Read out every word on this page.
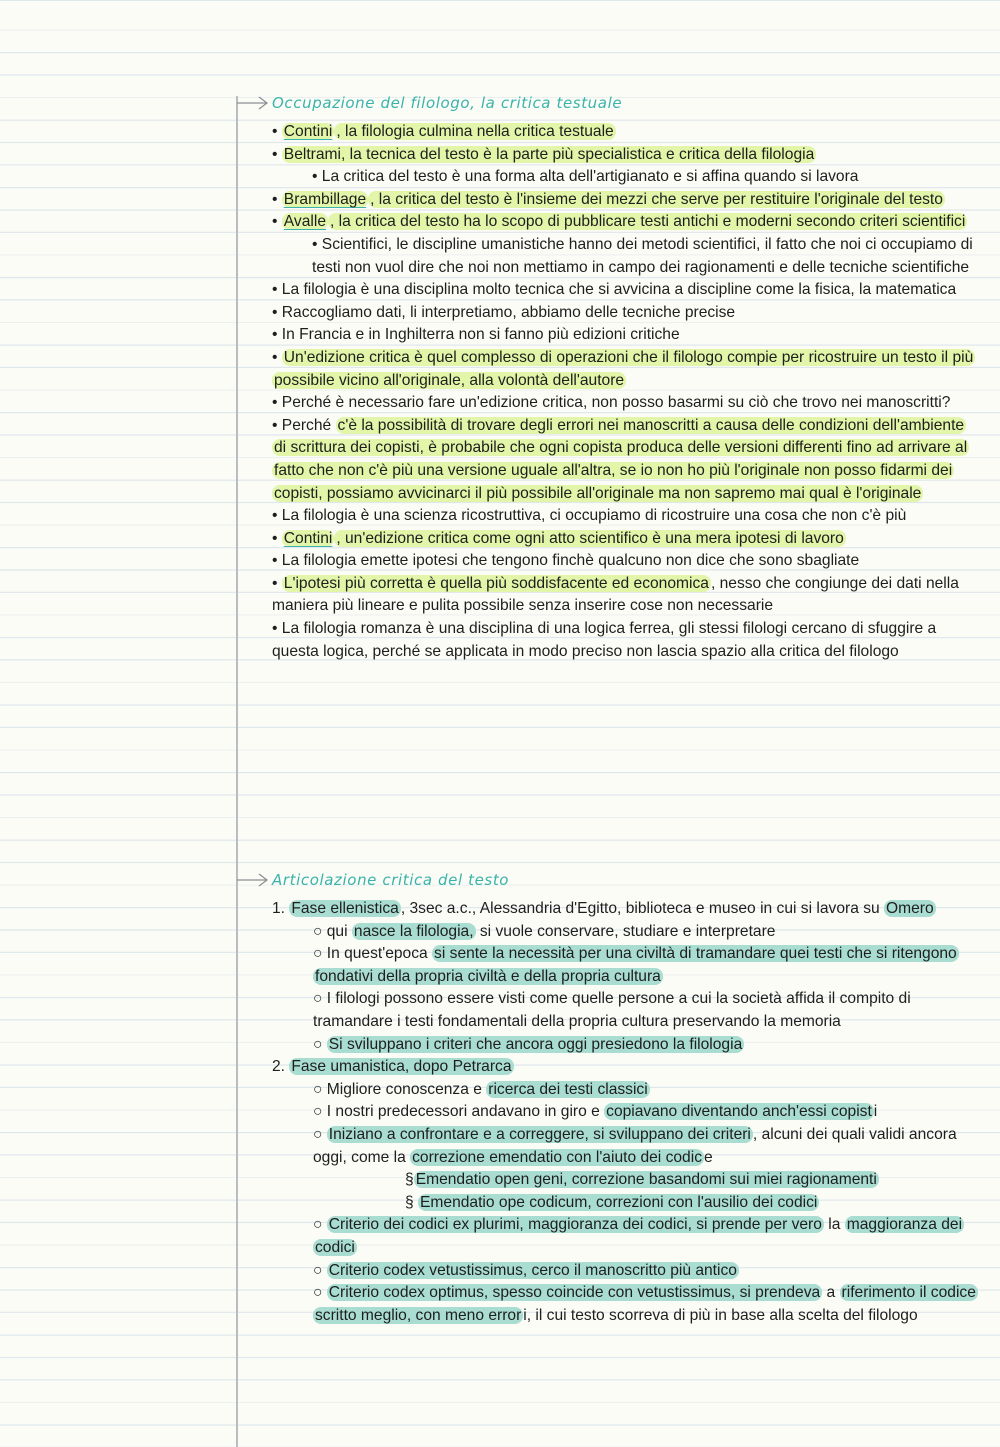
Occupazione del filologo, la critica testuale
• Contini , la filologia culmina nella critica testuale
• Beltrami, la tecnica del testo è la parte più specialistica e critica della filologia
• La critica del testo è una forma alta dell'artigianato e si affina quando si lavora
• Brambillage , la critica del testo è l'insieme dei mezzi che serve per restituire l'originale del testo
• Avalle , la critica del testo ha lo scopo di pubblicare testi antichi e moderni secondo criteri scientifici
• Scientifici, le discipline umanistiche hanno dei metodi scientifici, il fatto che noi ci occupiamo di testi non vuol dire che noi non mettiamo in campo dei ragionamenti e delle tecniche scientifiche
• La filologia è una disciplina molto tecnica che si avvicina a discipline come la fisica, la matematica
• Raccogliamo dati, li interpretiamo, abbiamo delle tecniche precise
• In Francia e in Inghilterra non si fanno più edizioni critiche
• Un'edizione critica è quel complesso di operazioni che il filologo compie per ricostruire un testo il più possibile vicino all'originale, alla volontà dell'autore
• Perché è necessario fare un'edizione critica, non posso basarmi su ciò che trovo nei manoscritti?
• Perché c'è la possibilità di trovare degli errori nei manoscritti a causa delle condizioni dell'ambiente di scrittura dei copisti, è probabile che ogni copista produca delle versioni differenti fino ad arrivare al fatto che non c'è più una versione uguale all'altra, se io non ho più l'originale non posso fidarmi dei copisti, possiamo avvicinarci il più possibile all'originale ma non sapremo mai qual è l'originale
• La filologia è una scienza ricostruttiva, ci occupiamo di ricostruire una cosa che non c'è più
• Contini , un'edizione critica come ogni atto scientifico è una mera ipotesi di lavoro
• La filologia emette ipotesi che tengono finchè qualcuno non dice che sono sbagliate
• L'ipotesi più corretta è quella più soddisfacente ed economica , nesso che congiunge dei dati nella maniera più lineare e pulita possibile senza inserire cose non necessarie
• La filologia romanza è una disciplina di una logica ferrea, gli stessi filologi cercano di sfuggire a questa logica, perché se applicata in modo preciso non lascia spazio alla critica del filologo
Articolazione critica del testo
1. Fase ellenistica , 3sec a.c., Alessandria d'Egitto, biblioteca e museo in cui si lavora su Omero
○ qui nasce la filologia, si vuole conservare, studiare e interpretare
○ In quest'epoca si sente la necessità per una civiltà di tramandare quei testi che si ritengono fondativi della propria civiltà e della propria cultura
○ I filologi possono essere visti come quelle persone a cui la società affida il compito di tramandare i testi fondamentali della propria cultura preservando la memoria
○ Si sviluppano i criteri che ancora oggi presiedono la filologia
2. Fase umanistica, dopo Petrarca
○ Migliore conoscenza e ricerca dei testi classici
○ I nostri predecessori andavano in giro e copiavano diventando anch'essi copist i
○ Iniziano a confrontare e a correggere, si sviluppano dei criteri , alcuni dei quali validi ancora oggi, come la correzione emendatio con l'aiuto dei codic e
§ Emendatio open geni, correzione basandomi sui miei ragionamenti
§ Emendatio ope codicum, correzioni con l'ausilio dei codici
○ Criterio dei codici ex plurimi, maggioranza dei codici, si prende per vero la maggioranza dei codici
○ Criterio codex vetustissimus, cerco il manoscritto più antico
○ Criterio codex optimus, spesso coincide con vetustissimus, si prendeva a riferimento il codice scritto meglio, con meno error i, il cui testo scorreva di più in base alla scelta del filologo
